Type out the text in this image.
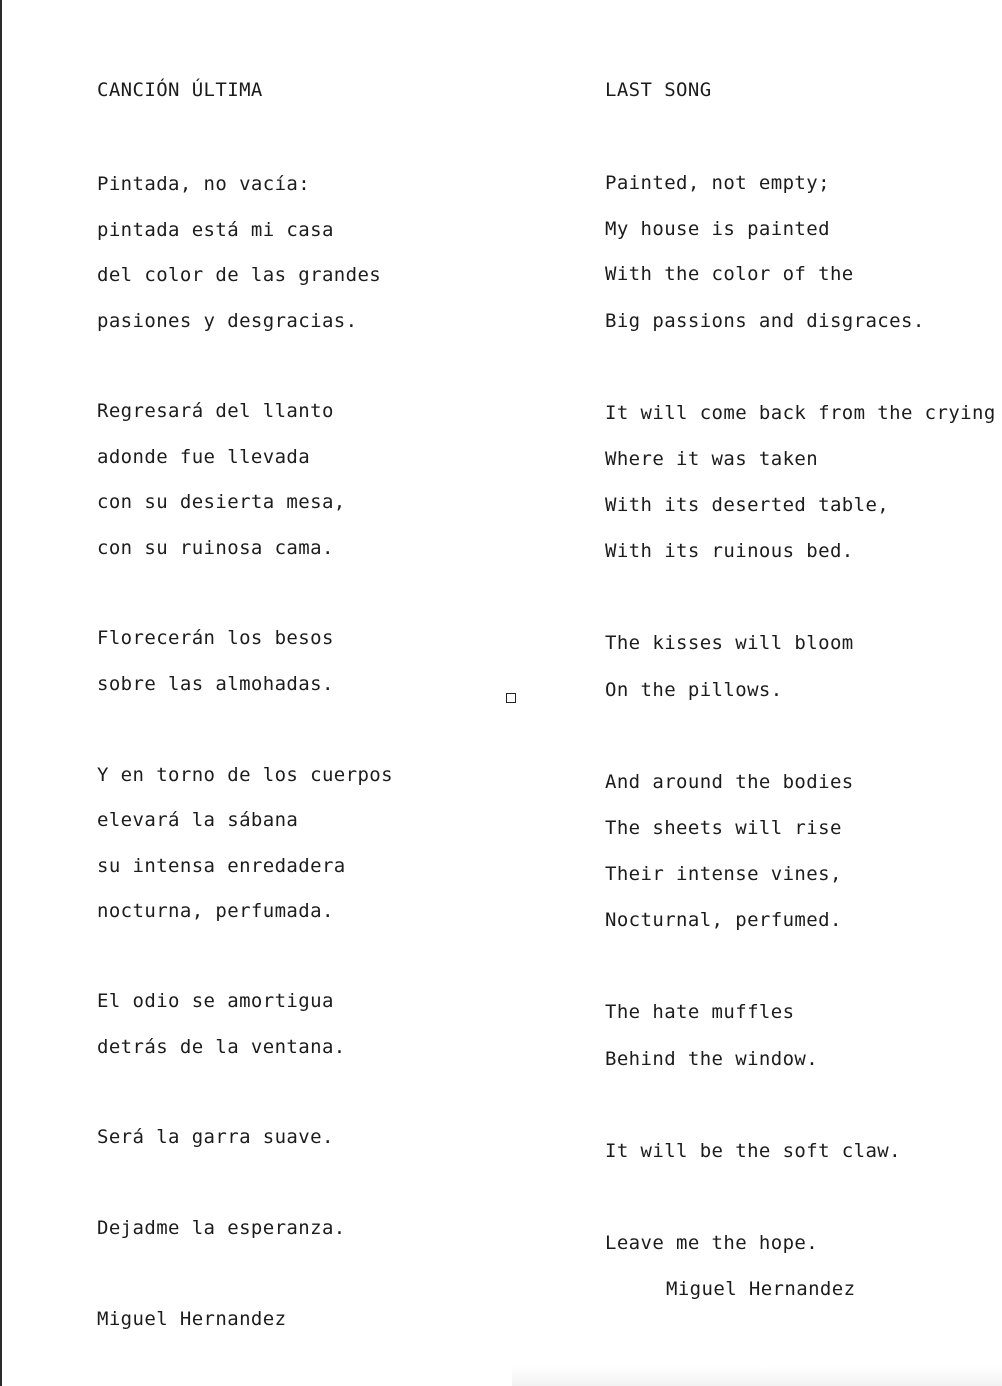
CANCIÓN ÚLTIMA
Pintada, no vacía:
pintada está mi casa
del color de las grandes
pasiones y desgracias.
Regresará del llanto
adonde fue llevada
con su desierta mesa,
con su ruinosa cama.
Florecerán los besos
sobre las almohadas.
Y en torno de los cuerpos
elevará la sábana
su intensa enredadera
nocturna, perfumada.
El odio se amortigua
detrás de la ventana.
Será la garra suave.
Dejadme la esperanza.
Miguel Hernandez
LAST SONG
Painted, not empty;
My house is painted
With the color of the
Big passions and disgraces.
It will come back from the crying
Where it was taken
With its deserted table,
With its ruinous bed.
The kisses will bloom
On the pillows.
And around the bodies
The sheets will rise
Their intense vines,
Nocturnal, perfumed.
The hate muffles
Behind the window.
It will be the soft claw.
Leave me the hope.
Miguel Hernandez
